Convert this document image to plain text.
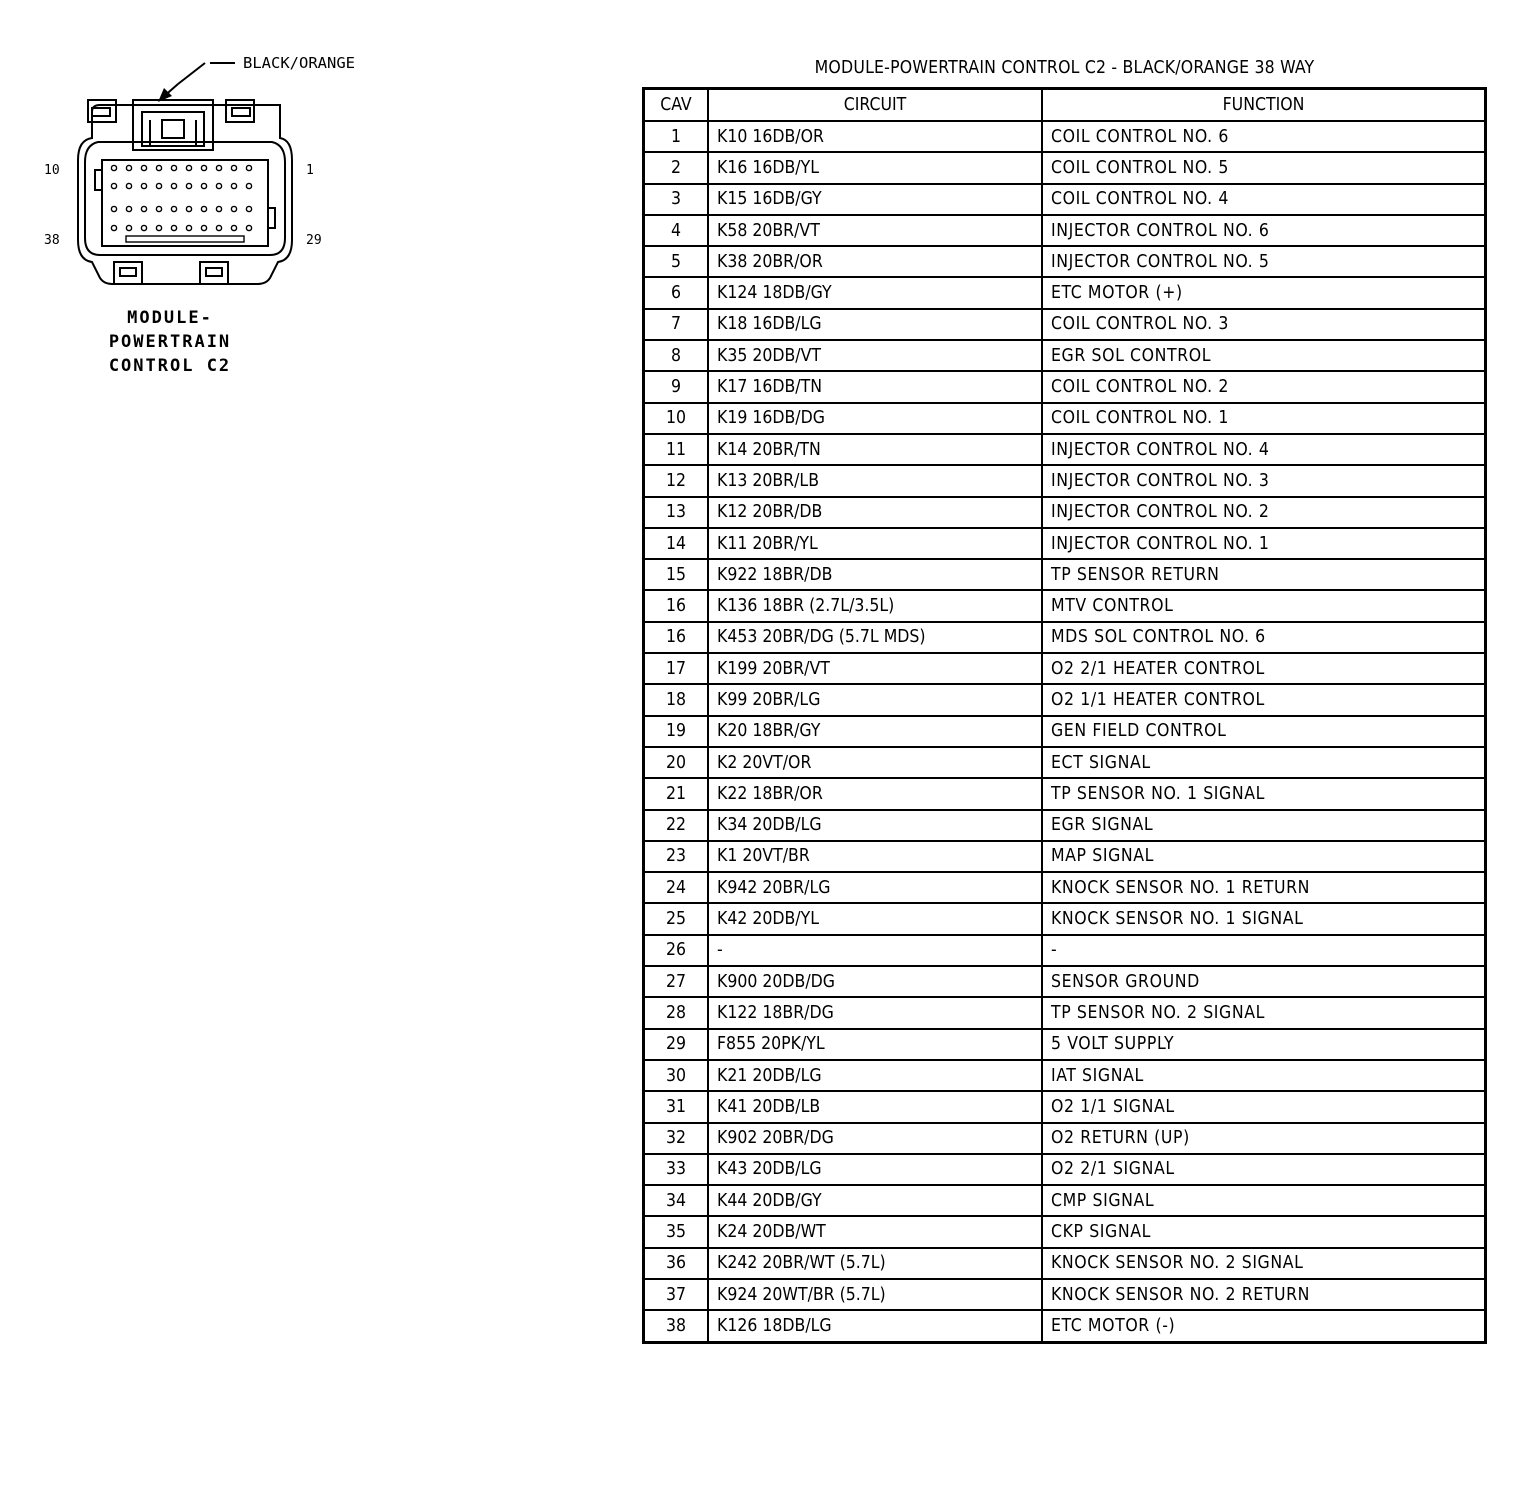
10	1
38	29
BLACK/ORANGE
MODULE-
POWERTRAIN
CONTROL C2
MODULE-POWERTRAIN CONTROL C2 - BLACK/ORANGE 38 WAY
CAV	CIRCUIT	FUNCTION
1	K10 16DB/OR	COIL CONTROL NO. 6
2	K16 16DB/YL	COIL CONTROL NO. 5
3	K15 16DB/GY	COIL CONTROL NO. 4
4	K58 20BR/VT	INJECTOR CONTROL NO. 6
5	K38 20BR/OR	INJECTOR CONTROL NO. 5
6	K124 18DB/GY	ETC MOTOR (+)
7	K18 16DB/LG	COIL CONTROL NO. 3
8	K35 20DB/VT	EGR SOL CONTROL
9	K17 16DB/TN	COIL CONTROL NO. 2
10	K19 16DB/DG	COIL CONTROL NO. 1
11	K14 20BR/TN	INJECTOR CONTROL NO. 4
12	K13 20BR/LB	INJECTOR CONTROL NO. 3
13	K12 20BR/DB	INJECTOR CONTROL NO. 2
14	K11 20BR/YL	INJECTOR CONTROL NO. 1
15	K922 18BR/DB	TP SENSOR RETURN
16	K136 18BR (2.7L/3.5L)	MTV CONTROL
16	K453 20BR/DG (5.7L MDS)	MDS SOL CONTROL NO. 6
17	K199 20BR/VT	O2 2/1 HEATER CONTROL
18	K99 20BR/LG	O2 1/1 HEATER CONTROL
19	K20 18BR/GY	GEN FIELD CONTROL
20	K2 20VT/OR	ECT SIGNAL
21	K22 18BR/OR	TP SENSOR NO. 1 SIGNAL
22	K34 20DB/LG	EGR SIGNAL
23	K1 20VT/BR	MAP SIGNAL
24	K942 20BR/LG	KNOCK SENSOR NO. 1 RETURN
25	K42 20DB/YL	KNOCK SENSOR NO. 1 SIGNAL
26	-	-
27	K900 20DB/DG	SENSOR GROUND
28	K122 18BR/DG	TP SENSOR NO. 2 SIGNAL
29	F855 20PK/YL	5 VOLT SUPPLY
30	K21 20DB/LG	IAT SIGNAL
31	K41 20DB/LB	O2 1/1 SIGNAL
32	K902 20BR/DG	O2 RETURN (UP)
33	K43 20DB/LG	O2 2/1 SIGNAL
34	K44 20DB/GY	CMP SIGNAL
35	K24 20DB/WT	CKP SIGNAL
36	K242 20BR/WT (5.7L)	KNOCK SENSOR NO. 2 SIGNAL
37	K924 20WT/BR (5.7L)	KNOCK SENSOR NO. 2 RETURN
38	K126 18DB/LG	ETC MOTOR (-)
